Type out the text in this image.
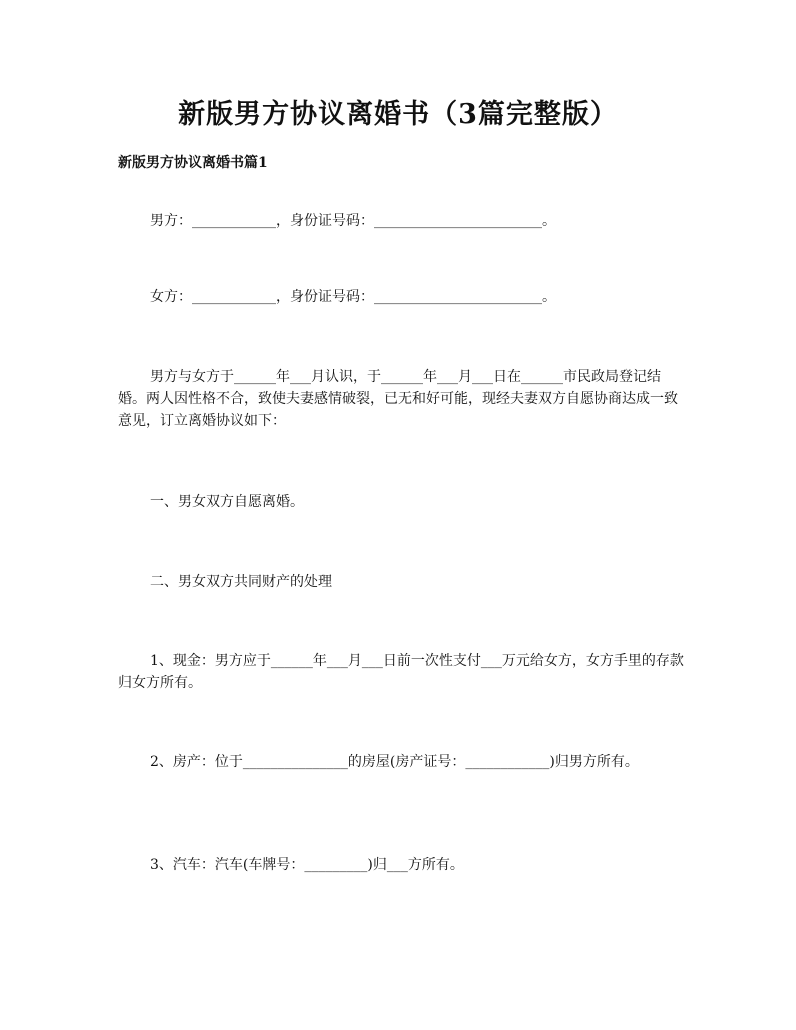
新版男方协议离婚书（3篇完整版）
新版男方协议离婚书篇1

男方：____________，身份证号码：________________________。

女方：____________，身份证号码：________________________。

男方与女方于______年___月认识，于______年___月___日在______市民政局登记结婚。两人因性格不合，致使夫妻感情破裂，已无和好可能，现经夫妻双方自愿协商达成一致意见，订立离婚协议如下：

一、男女双方自愿离婚。

二、男女双方共同财产的处理

1、现金：男方应于______年___月___日前一次性支付___万元给女方，女方手里的存款归女方所有。

2、房产：位于_______________的房屋(房产证号：____________)归男方所有。

3、汽车：汽车(车牌号：_________)归___方所有。
